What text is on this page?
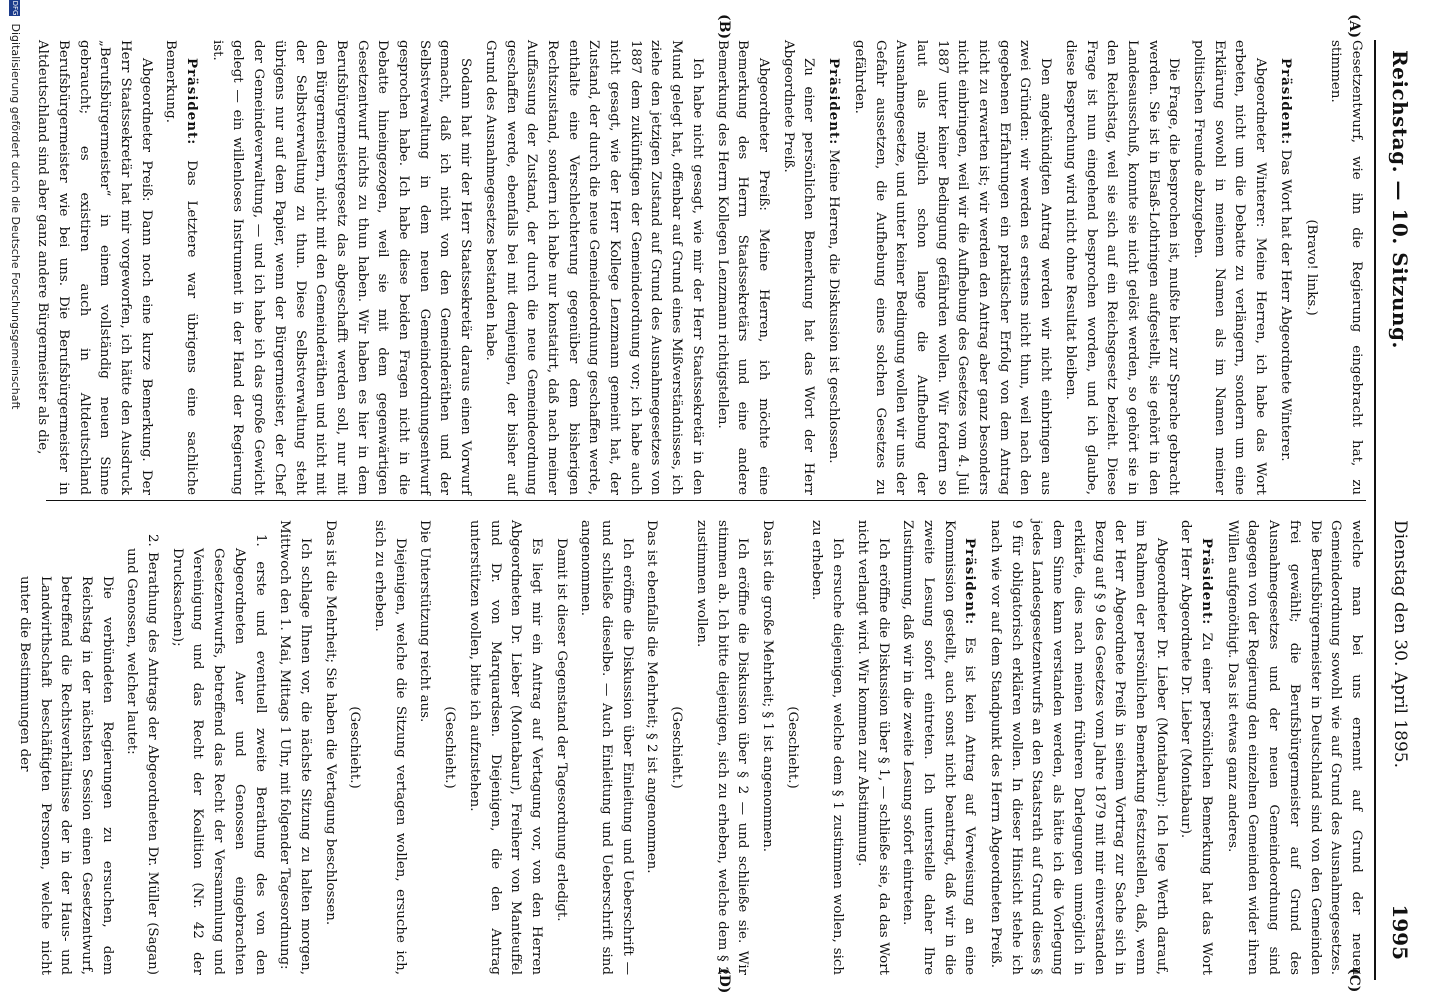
Reichstag. — 10. Sitzung.
Dienstag den 30. April 1895.
1995
(A)
(B)
(C)
(D)

Gesetzentwurf, wie ihn die Regierung eingebracht hat, zu stimmen.

(Bravo! links.)

Präsident: Das Wort hat der Herr Abgeordnete Winterer.

Abgeordneter Winterer: Meine Herren, ich habe das Wort erbeten, nicht um die Debatte zu verlängern, sondern um eine Erklärung sowohl in meinem Namen als im Namen meiner politischen Freunde abzugeben.

Die Frage, die besprochen ist, mußte hier zur Sprache gebracht werden. Sie ist in Elsaß-Lothringen aufgestellt, sie gehört in den Landesausschuß, konnte sie nicht gelöst werden, so gehört sie in den Reichstag, weil sie sich auf ein Reichsgesetz bezieht. Diese Frage ist nun eingehend besprochen worden, und ich glaube, diese Besprechung wird nicht ohne Resultat bleiben.

Den angekündigten Antrag werden wir nicht einbringen aus zwei Gründen: wir werden es erstens nicht thun, weil nach den gegebenen Erfahrungen ein praktischer Erfolg von dem Antrag nicht zu erwarten ist; wir werden den Antrag aber ganz besonders nicht einbringen, weil wir die Aufhebung des Gesetzes vom 4. Juli 1887 unter keiner Bedingung gefährden wollen. Wir fordern so laut als möglich schon lange die Aufhebung der Ausnahmegesetze, und unter keiner Bedingung wollen wir uns der Gefahr aussetzen, die Aufhebung eines solchen Gesetzes zu gefährden.

Präsident: Meine Herren, die Diskussion ist geschlossen.

Zu einer persönlichen Bemerkung hat das Wort der Herr Abgeordnete Preiß.

Abgeordneter Preiß: Meine Herren, ich möchte eine Bemerkung des Herrn Staatssekretärs und eine andere Bemerkung des Herrn Kollegen Lenzmann richtigstellen.

Ich habe nicht gesagt, wie mir der Herr Staatssekretär in den Mund gelegt hat, offenbar auf Grund eines Mißverständnisses, ich ziehe den jetzigen Zustand auf Grund des Ausnahmegesetzes von 1887 dem zukünftigen der Gemeindeordnung vor; ich habe auch nicht gesagt, wie der Herr Kollege Lenzmann gemeint hat, der Zustand, der durch die neue Gemeindeordnung geschaffen werde, enthalte eine Verschlechterung gegenüber dem bisherigen Rechtszustand, sondern ich habe nur konstatirt, daß nach meiner Auffassung der Zustand, der durch die neue Gemeindeordnung geschaffen werde, ebenfalls bei mit demjenigen, der bisher auf Grund des Ausnahmegesetzes bestanden habe.

Sodann hat mir der Herr Staatssekretär daraus einen Vorwurf gemacht, daß ich nicht von den Gemeinderäthen und der Selbstverwaltung in dem neuen Gemeindeordnungsentwurf gesprochen habe. Ich habe diese beiden Fragen nicht in die Debatte hineingezogen, weil sie mit dem gegenwärtigen Gesetzentwurf nichts zu thun haben. Wir haben es hier in dem Berufsbürgermeistergesetz das abgeschafft werden soll, nur mit den Bürgermeistern, nicht mit den Gemeinderäthen und nicht mit der Selbstverwaltung zu thun. Diese Selbstverwaltung steht übrigens nur auf dem Papier, wenn der Bürgermeister, der Chef der Gemeindeverwaltung, — und ich habe ich das große Gewicht gelegt — ein willenloses Instrument in der Hand der Regierung ist.

Präsident: Das Letztere war übrigens eine sachliche Bemerkung.

Abgeordneter Preiß: Dann noch eine kurze Bemerkung. Der Herr Staatssekretär hat mir vorgeworfen, ich hätte den Ausdruck „Berufsbürgermeister“ in einem vollständig neuen Sinne gebraucht; es existiren auch in Altdeutschland Berufsbürgermeister wie bei uns. Die Berufsbürgermeister in Altdeutschland sind aber ganz andere Bürgermeister als die,

welche man bei uns ernennt auf Grund der neuen Gemeindeordnung sowohl wie auf Grund des Ausnahmegesetzes. Die Berufsbürgermeister in Deutschland sind von den Gemeinden frei gewählt; die Berufsbürgermeister auf Grund des Ausnahmegesetzes und der neuen Gemeindeordnung sind dagegen von der Regierung den einzelnen Gemeinden wider ihren Willen aufgenöthigt. Das ist etwas ganz anderes.

Präsident: Zu einer persönlichen Bemerkung hat das Wort der Herr Abgeordnete Dr. Lieber (Montabaur).

Abgeordneter Dr. Lieber (Montabaur): Ich lege Werth darauf, im Rahmen der persönlichen Bemerkung festzustellen, daß, wenn der Herr Abgeordnete Preiß in seinem Vortrag zur Sache sich in Bezug auf § 9 des Gesetzes vom Jahre 1879 mit mir einverstanden erklärte, dies nach meinen früheren Darlegungen unmöglich in dem Sinne kann verstanden werden, als hätte ich die Vorlegung jedes Landesgesetzentwurfs an den Staatsrath auf Grund dieses § 9 für obligatorisch erklären wollen. In dieser Hinsicht stehe ich nach wie vor auf dem Standpunkt des Herrn Abgeordneten Preiß.

Präsident: Es ist kein Antrag auf Verweisung an eine Kommission gestellt, auch sonst nicht beantragt, daß wir in die zweite Lesung sofort eintreten. Ich unterstelle daher Ihre Zustimmung, daß wir in die zweite Lesung sofort eintreten.

Ich eröffne die Diskussion über § 1, — schließe sie, da das Wort nicht verlangt wird. Wir kommen zur Abstimmung.

Ich ersuche diejenigen, welche dem § 1 zustimmen wollen, sich zu erheben.

(Geschieht.)

Das ist die große Mehrheit; § 1 ist angenommen.

Ich eröffne die Diskussion über § 2 — und schließe sie. Wir stimmen ab. Ich bitte diejenigen, sich zu erheben, welche dem § 2 zustimmen wollen.

(Geschieht.)

Das ist ebenfalls die Mehrheit; § 2 ist angenommen.

Ich eröffne die Diskussion über Einleitung und Ueberschrift — und schließe dieselbe. — Auch Einleitung und Ueberschrift sind angenommen.

Damit ist dieser Gegenstand der Tagesordnung erledigt.

Es liegt mir ein Antrag auf Vertagung vor, von den Herren Abgeordneten Dr. Lieber (Montabaur), Freiherr von Manteuffel und Dr. von Marquardsen. Diejenigen, die den Antrag unterstützen wollen, bitte ich aufzustehen.

(Geschieht.)

Die Unterstützung reicht aus.

Diejenigen, welche die Sitzung vertagen wollen, ersuche ich, sich zu erheben.

(Geschieht.)

Das ist die Mehrheit; Sie haben die Vertagung beschlossen.

Ich schlage Ihnen vor, die nächste Sitzung zu halten morgen, Mittwoch den 1. Mai, Mittags 1 Uhr, mit folgender Tagesordnung:

1. erste und eventuell zweite Berathung des von den Abgeordneten Auer und Genossen eingebrachten Gesetzentwurfs, betreffend das Recht der Versammlung und Vereinigung und das Recht der Koalition (Nr. 42 der Drucksachen);

2. Berathung des Antrags der Abgeordneten Dr. Müller (Sagan) und Genossen, welcher lautet:

Die verbündeten Regierungen zu ersuchen, dem Reichstag in der nächsten Session einen Gesetzentwurf, betreffend die Rechtsverhältnisse der in der Haus- und Landwirthschaft beschäftigten Personen, welche nicht unter die Bestimmungen der

DFG Digitalisierung gefördert durch die Deutsche Forschungsgemeinschaft
